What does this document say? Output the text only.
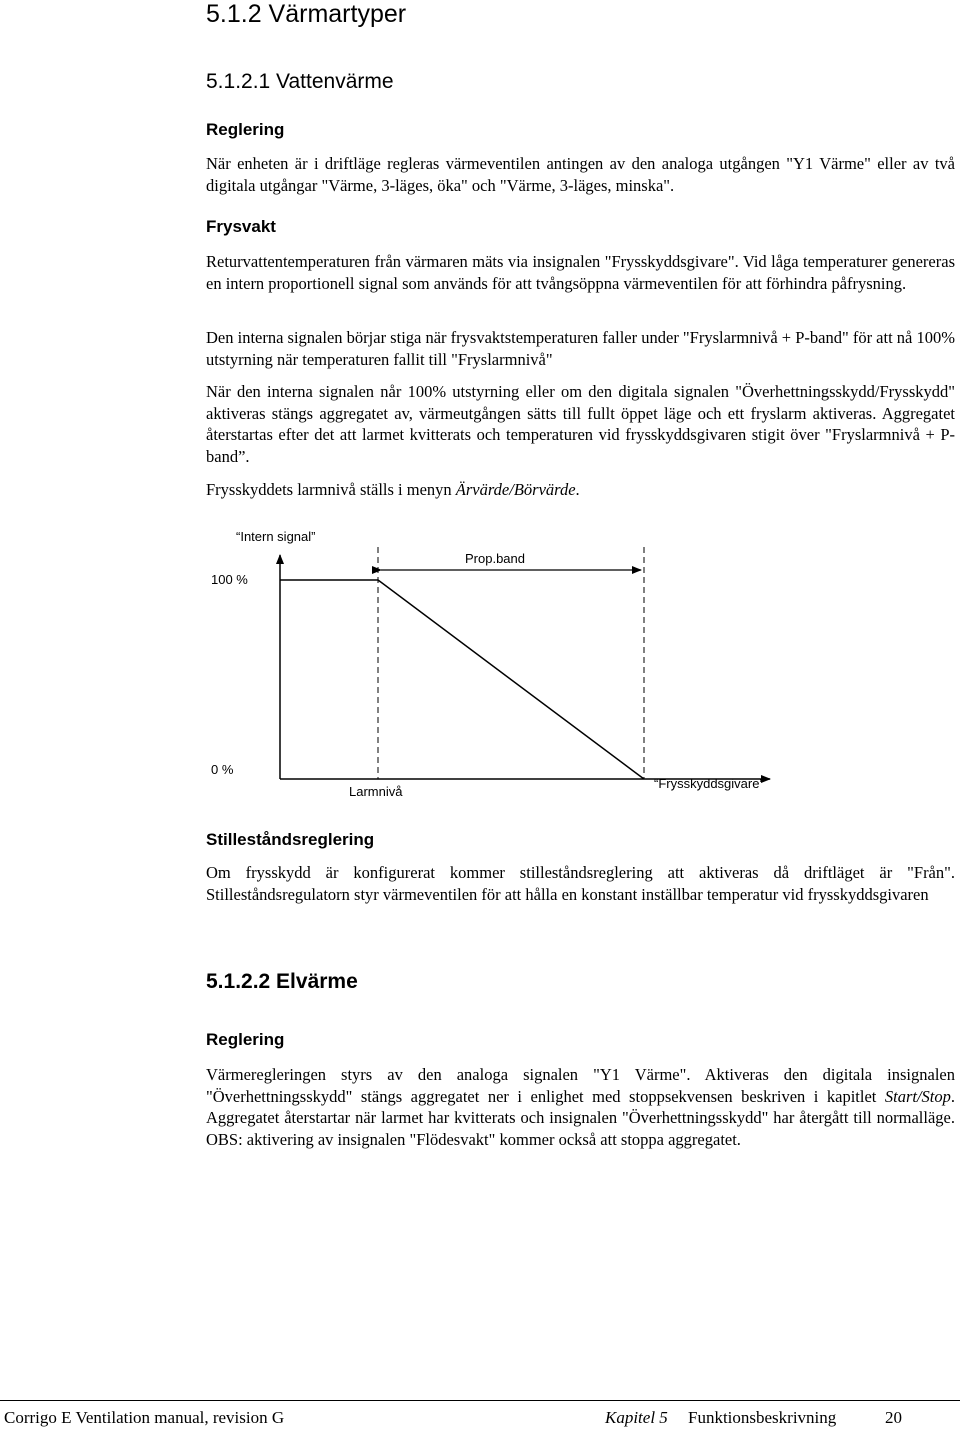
5.1.2 Värmartyper
5.1.2.1 Vattenvärme
Reglering

När enheten är i driftläge regleras värmeventilen antingen av den analoga utgången "Y1 Värme" eller av två digitala utgångar "Värme, 3-läges, öka" och "Värme, 3-läges, minska".

Frysvakt

Returvattentemperaturen från värmaren mäts via insignalen "Frysskyddsgivare". Vid låga temperaturer genereras en intern proportionell signal som används för att tvångsöppna värmeventilen för att förhindra påfrysning.

Den interna signalen börjar stiga när frysvaktstemperaturen faller under "Fryslarmnivå + P-band" för att nå 100% utstyrning när temperaturen fallit till "Fryslarmnivå"

När den interna signalen når 100% utstyrning eller om den digitala signalen "Överhettningsskydd/Frysskydd" aktiveras stängs aggregatet av, värmeutgången sätts till fullt öppet läge och ett fryslarm aktiveras. Aggregatet återstartas efter det att larmet kvitterats och temperaturen vid frysskyddsgivaren stigit över "Fryslarmnivå + P-band”.

Frysskyddets larmnivå ställs i menyn Ärvärde/Börvärde.

“Intern signal”
100 %
Prop.band
0 %
Larmnivå
“Frysskyddsgivare”
Stilleståndsreglering

Om frysskydd är konfigurerat kommer stilleståndsreglering att aktiveras då driftläget är "Från". Stilleståndsregulatorn styr värmeventilen för att hålla en konstant inställbar temperatur vid frysskyddsgivaren

5.1.2.2 Elvärme
Reglering

Värmeregleringen styrs av den analoga signalen "Y1 Värme". Aktiveras den digitala insignalen "Överhettningsskydd" stängs aggregatet ner i enlighet med stoppsekvensen beskriven i kapitlet Start/Stop. Aggregatet återstartar när larmet har kvitterats och insignalen "Överhettningsskydd" har återgått till normalläge. OBS: aktivering av insignalen "Flödesvakt" kommer också att stoppa aggregatet.

Corrigo E Ventilation manual, revision G	Kapitel 5 Funktionsbeskrivning	20
